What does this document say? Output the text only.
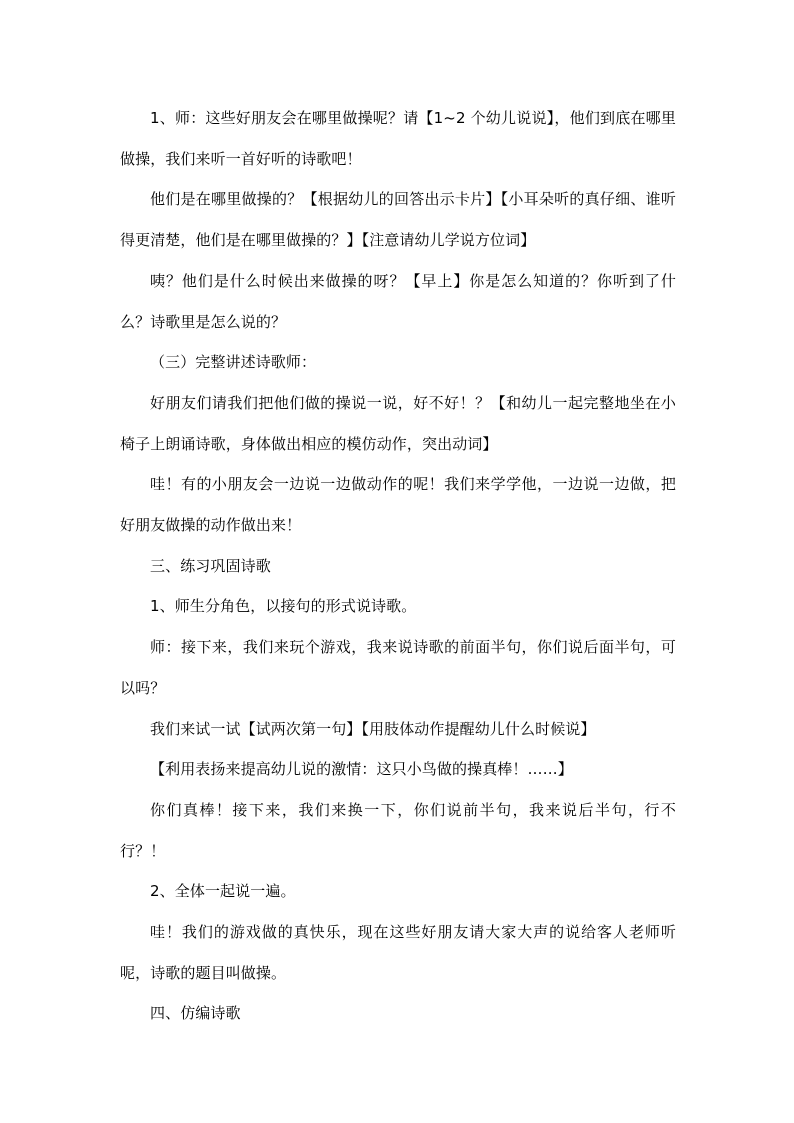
1、师：这些好朋友会在哪里做操呢？请【1~2 个幼儿说说】，他们到底在哪里做操，我们来听一首好听的诗歌吧！

他们是在哪里做操的？【根据幼儿的回答出示卡片】【小耳朵听的真仔细、谁听得更清楚，他们是在哪里做操的？】【注意请幼儿学说方位词】

咦？他们是什么时候出来做操的呀？【早上】你是怎么知道的？你听到了什么？诗歌里是怎么说的？

（三）完整讲述诗歌师：

好朋友们请我们把他们做的操说一说，好不好！？【和幼儿一起完整地坐在小椅子上朗诵诗歌，身体做出相应的模仿动作，突出动词】

哇！有的小朋友会一边说一边做动作的呢！我们来学学他，一边说一边做，把好朋友做操的动作做出来！

三、练习巩固诗歌

1、师生分角色，以接句的形式说诗歌。

师：接下来，我们来玩个游戏，我来说诗歌的前面半句，你们说后面半句，可以吗？

我们来试一试【试两次第一句】【用肢体动作提醒幼儿什么时候说】

【利用表扬来提高幼儿说的激情：这只小鸟做的操真棒！……】

你们真棒！接下来，我们来换一下，你们说前半句，我来说后半句，行不行？！

2、全体一起说一遍。

哇！我们的游戏做的真快乐，现在这些好朋友请大家大声的说给客人老师听呢，诗歌的题目叫做操。

四、仿编诗歌
